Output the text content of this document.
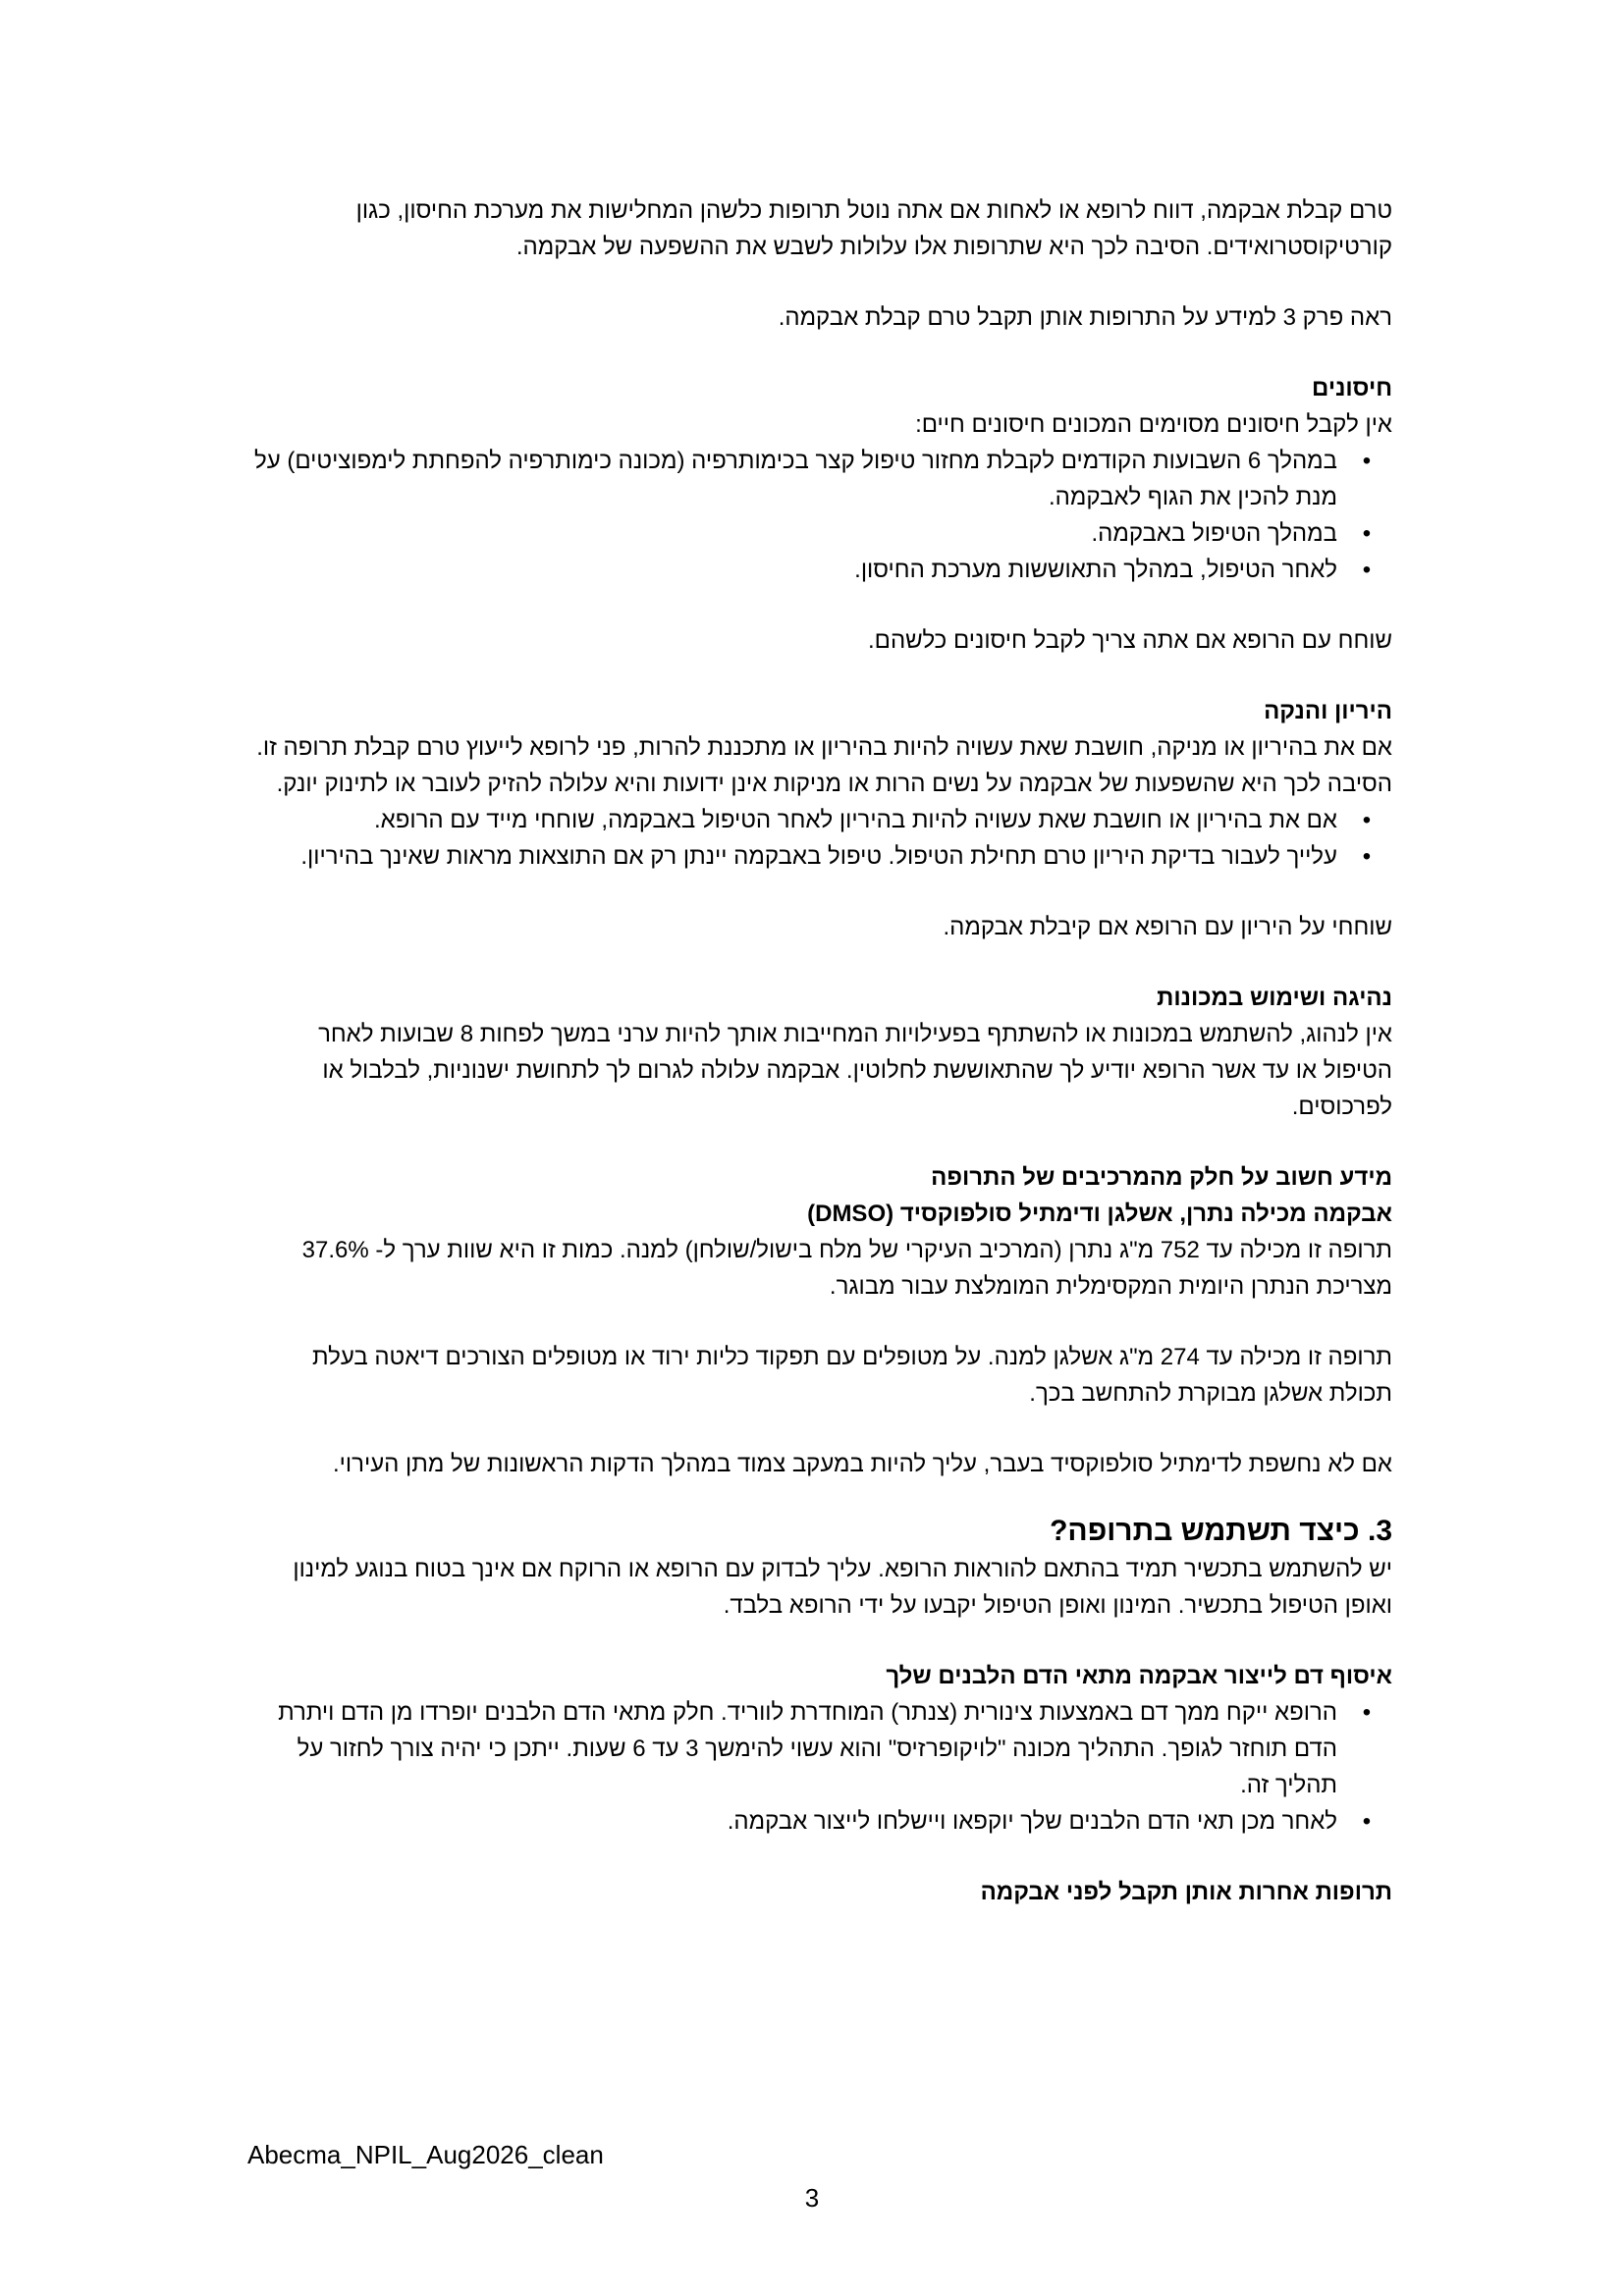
טרם קבלת אבקמה, דווח לרופא או לאחות אם אתה נוטל תרופות כלשהן המחלישות את מערכת החיסון, כגון קורטיקוסטרואידים. הסיבה לכך היא שתרופות אלו עלולות לשבש את ההשפעה של אבקמה.

ראה פרק 3 למידע על התרופות אותן תקבל טרם קבלת אבקמה.

חיסונים

אין לקבל חיסונים מסוימים המכונים חיסונים חיים:

•
במהלך 6 השבועות הקודמים לקבלת מחזור טיפול קצר בכימותרפיה (מכונה כימותרפיה להפחתת לימפוציטים) על מנת להכין את הגוף לאבקמה.
•
במהלך הטיפול באבקמה.
•
לאחר הטיפול, במהלך התאוששות מערכת החיסון.

שוחח עם הרופא אם אתה צריך לקבל חיסונים כלשהם.

היריון והנקה

אם את בהיריון או מניקה, חושבת שאת עשויה להיות בהיריון או מתכננת להרות, פני לרופא לייעוץ טרם קבלת תרופה זו. הסיבה לכך היא שהשפעות של אבקמה על נשים הרות או מניקות אינן ידועות והיא עלולה להזיק לעובר או לתינוק יונק.

•
אם את בהיריון או חושבת שאת עשויה להיות בהיריון לאחר הטיפול באבקמה, שוחחי מייד עם הרופא.
•
עלייך לעבור בדיקת היריון טרם תחילת הטיפול. טיפול באבקמה יינתן רק אם התוצאות מראות שאינך בהיריון.

שוחחי על היריון עם הרופא אם קיבלת אבקמה.

נהיגה ושימוש במכונות

אין לנהוג, להשתמש במכונות או להשתתף בפעילויות המחייבות אותך להיות ערני במשך לפחות 8 שבועות לאחר הטיפול או עד אשר הרופא יודיע לך שהתאוששת לחלוטין. אבקמה עלולה לגרום לך לתחושת ישנוניות, לבלבול או לפרכוסים.

מידע חשוב על חלק מהמרכיבים של התרופה
אבקמה מכילה נתרן, אשלגן ודימתיל סולפוקסיד (DMSO)

תרופה זו מכילה עד 752 מ"ג נתרן (המרכיב העיקרי של מלח בישול/שולחן) למנה. כמות זו היא שוות ערך ל- 37.6% מצריכת הנתרן היומית המקסימלית המומלצת עבור מבוגר.

תרופה זו מכילה עד 274 מ"ג אשלגן למנה. על מטופלים עם תפקוד כליות ירוד או מטופלים הצורכים דיאטה בעלת תכולת אשלגן מבוקרת להתחשב בכך.

אם לא נחשפת לדימתיל סולפוקסיד בעבר, עליך להיות במעקב צמוד במהלך הדקות הראשונות של מתן העירוי.

3. כיצד תשתמש בתרופה?

יש להשתמש בתכשיר תמיד בהתאם להוראות הרופא. עליך לבדוק עם הרופא או הרוקח אם אינך בטוח בנוגע למינון ואופן הטיפול בתכשיר. המינון ואופן הטיפול יקבעו על ידי הרופא בלבד.

איסוף דם לייצור אבקמה מתאי הדם הלבנים שלך
•
הרופא ייקח ממך דם באמצעות צינורית (צנתר) המוחדרת לווריד. חלק מתאי הדם הלבנים יופרדו מן הדם ויתרת הדם תוחזר לגופך. התהליך מכונה "לויקופרזיס" והוא עשוי להימשך 3 עד 6 שעות. ייתכן כי יהיה צורך לחזור על תהליך זה.
•
לאחר מכן תאי הדם הלבנים שלך יוקפאו ויישלחו לייצור אבקמה.
תרופות אחרות אותן תקבל לפני אבקמה
Abecma_NPIL_Aug2026_clean
3
